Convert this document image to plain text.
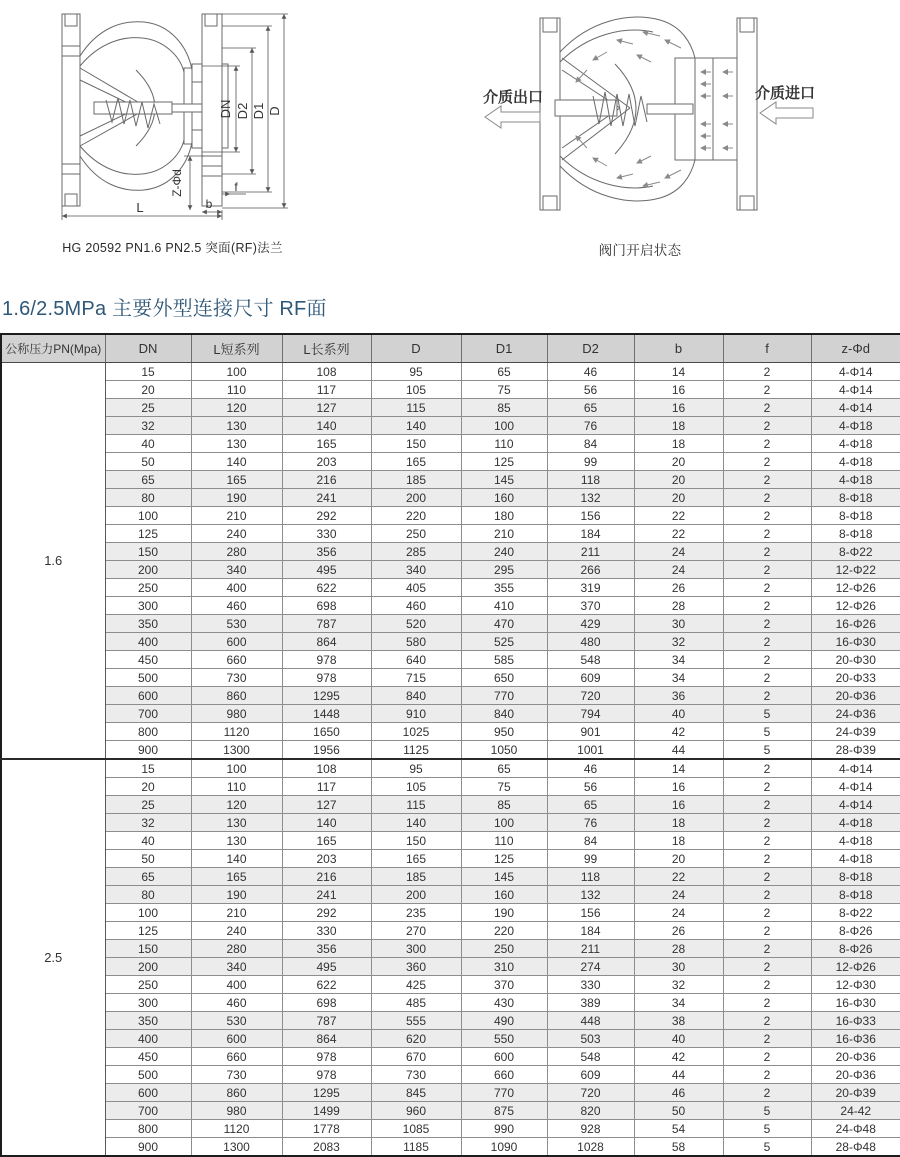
DN D2 D1 D
Z-Φd
L	b
f
介质出口	介质进口
HG 20592 PN1.6 PN2.5 突面(RF)法兰	阀门开启状态
1.6/2.5MPa 主要外型连接尺寸 RF面
公称压力PN(Mpa)	DN	L短系列	L长系列	D	D1	D2	b	f	z-Φd
1.6	15	100	108	95	65	46	14	2	4-Φ14
	20	110	117	105	75	56	16	2	4-Φ14
	25	120	127	115	85	65	16	2	4-Φ14
	32	130	140	140	100	76	18	2	4-Φ18
	40	130	165	150	110	84	18	2	4-Φ18
	50	140	203	165	125	99	20	2	4-Φ18
	65	165	216	185	145	118	20	2	4-Φ18
	80	190	241	200	160	132	20	2	8-Φ18
	100	210	292	220	180	156	22	2	8-Φ18
	125	240	330	250	210	184	22	2	8-Φ18
	150	280	356	285	240	211	24	2	8-Φ22
	200	340	495	340	295	266	24	2	12-Φ22
	250	400	622	405	355	319	26	2	12-Φ26
	300	460	698	460	410	370	28	2	12-Φ26
	350	530	787	520	470	429	30	2	16-Φ26
	400	600	864	580	525	480	32	2	16-Φ30
	450	660	978	640	585	548	34	2	20-Φ30
	500	730	978	715	650	609	34	2	20-Φ33
	600	860	1295	840	770	720	36	2	20-Φ36
	700	980	1448	910	840	794	40	5	24-Φ36
	800	1120	1650	1025	950	901	42	5	24-Φ39
	900	1300	1956	1125	1050	1001	44	5	28-Φ39
2.5	15	100	108	95	65	46	14	2	4-Φ14
	20	110	117	105	75	56	16	2	4-Φ14
	25	120	127	115	85	65	16	2	4-Φ14
	32	130	140	140	100	76	18	2	4-Φ18
	40	130	165	150	110	84	18	2	4-Φ18
	50	140	203	165	125	99	20	2	4-Φ18
	65	165	216	185	145	118	22	2	8-Φ18
	80	190	241	200	160	132	24	2	8-Φ18
	100	210	292	235	190	156	24	2	8-Φ22
	125	240	330	270	220	184	26	2	8-Φ26
	150	280	356	300	250	211	28	2	8-Φ26
	200	340	495	360	310	274	30	2	12-Φ26
	250	400	622	425	370	330	32	2	12-Φ30
	300	460	698	485	430	389	34	2	16-Φ30
	350	530	787	555	490	448	38	2	16-Φ33
	400	600	864	620	550	503	40	2	16-Φ36
	450	660	978	670	600	548	42	2	20-Φ36
	500	730	978	730	660	609	44	2	20-Φ36
	600	860	1295	845	770	720	46	2	20-Φ39
	700	980	1499	960	875	820	50	5	24-42
	800	1120	1778	1085	990	928	54	5	24-Φ48
	900	1300	2083	1185	1090	1028	58	5	28-Φ48
